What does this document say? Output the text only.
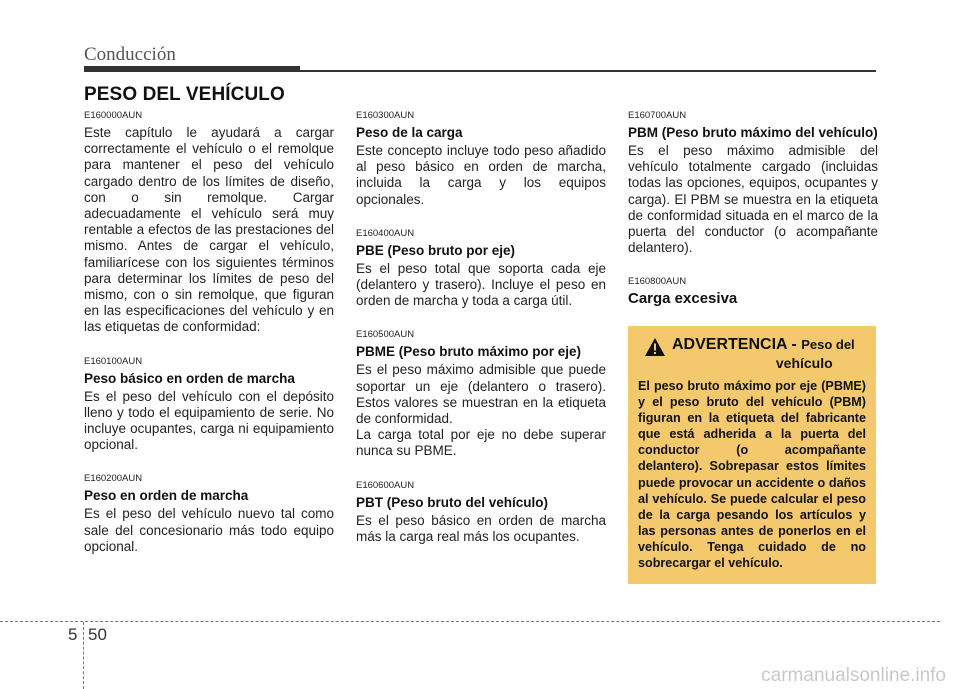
Conducción
PESO DEL VEHÍCULO

E160000AUN

Este capítulo le ayudará a cargar correctamente el vehículo o el remolque para mantener el peso del vehículo cargado dentro de los límites de diseño, con o sin remolque. Cargar adecuadamente el vehículo será muy rentable a efectos de las prestaciones del mismo. Antes de cargar el vehículo, familiarícese con los siguientes términos para determinar los límites de peso del mismo, con o sin remolque, que figuran en las especificaciones del vehículo y en las etiquetas de conformidad:

E160100AUN

Peso básico en orden de marcha

Es el peso del vehículo con el depósito lleno y todo el equipamiento de serie. No incluye ocupantes, carga ni equipamiento opcional.

E160200AUN

Peso en orden de marcha

Es el peso del vehículo nuevo tal como sale del concesionario más todo equipo opcional.

E160300AUN

Peso de la carga

Este concepto incluye todo peso añadido al peso básico en orden de marcha, incluida la carga y los equipos opcionales.

E160400AUN

PBE (Peso bruto por eje)

Es el peso total que soporta cada eje (delantero y trasero). Incluye el peso en orden de marcha y toda a carga útil.

E160500AUN

PBME (Peso bruto máximo por eje)

Es el peso máximo admisible que puede soportar un eje (delantero o trasero). Estos valores se muestran en la etiqueta de conformidad.

La carga total por eje no debe superar nunca su PBME.

E160600AUN

PBT (Peso bruto del vehículo)

Es el peso básico en orden de marcha más la carga real más los ocupantes.

E160700AUN

PBM (Peso bruto máximo del vehículo)

Es el peso máximo admisible del vehículo totalmente cargado (incluidas todas las opciones, equipos, ocupantes y carga). El PBM se muestra en la etiqueta de conformidad situada en el marco de la puerta del conductor (o acompañante delantero).

E160800AUN

Carga excesiva

ADVERTENCIA - Peso del
vehículo

El peso bruto máximo por eje (PBME) y el peso bruto del vehículo (PBM) figuran en la etiqueta del fabricante que está adherida a la puerta del conductor (o acompañante delantero). Sobrepasar estos límites puede provocar un accidente o daños al vehículo. Se puede calcular el peso de la carga pesando los artículos y las personas antes de ponerlos en el vehículo. Tenga cuidado de no sobrecargar el vehículo.

5 50
carmanualsonline.info
